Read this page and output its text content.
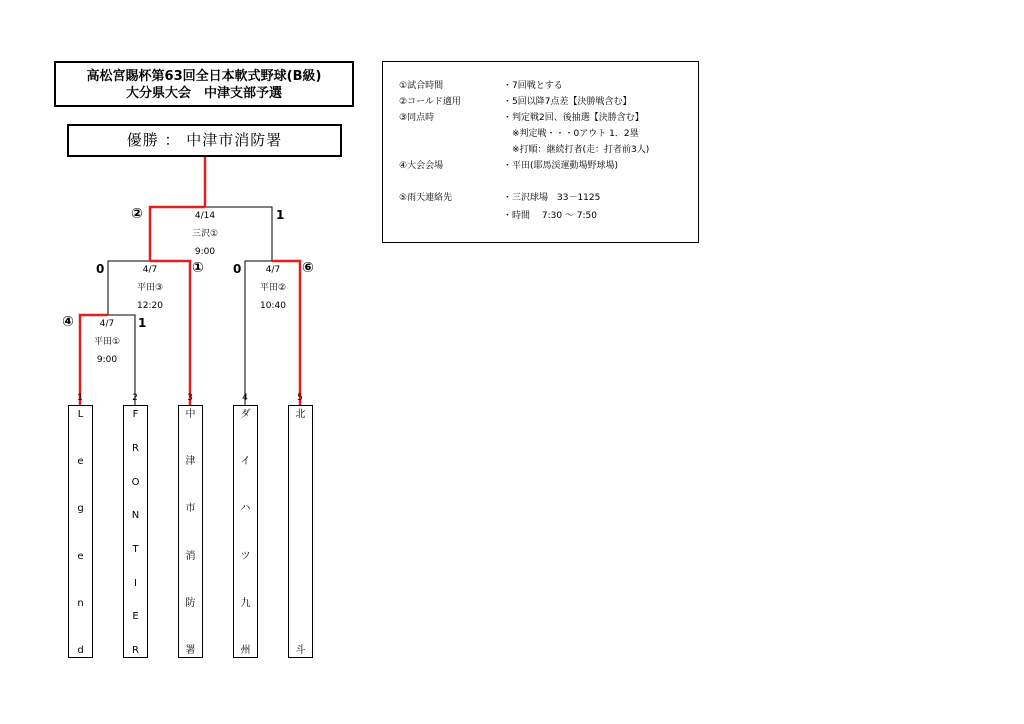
高松宮賜杯第63回全日本軟式野球(B級)
大分県大会　中津支部予選
優勝 ： 中津市消防署
①試合時間	・7回戦とする
②コールド適用	・5回以降7点差【決勝戦含む】
③同点時	・判定戦2回、後抽選【決勝含む】
　※判定戦・・・0アウト 1．2塁
　※打順：継続打者(走：打者前3人)
④大会会場	・平田(耶馬渓運動場野球場)
⑤雨天連絡先	・三沢球場　33－1125
・時間　 7:30 ～ 7:50
4/14
三沢①
9:00
②	1
4/7
平田③
12:20
0	①	4/7
平田②
10:40
0	⑥
4/7
平田①
9:00
④	1
1	2	3	4	5
L
e
g
e
n
d
F
R
O
N
T
I
E
R
中
津
市
消
防
署
ダ
イ
ハ
ツ
九
州
北
斗
